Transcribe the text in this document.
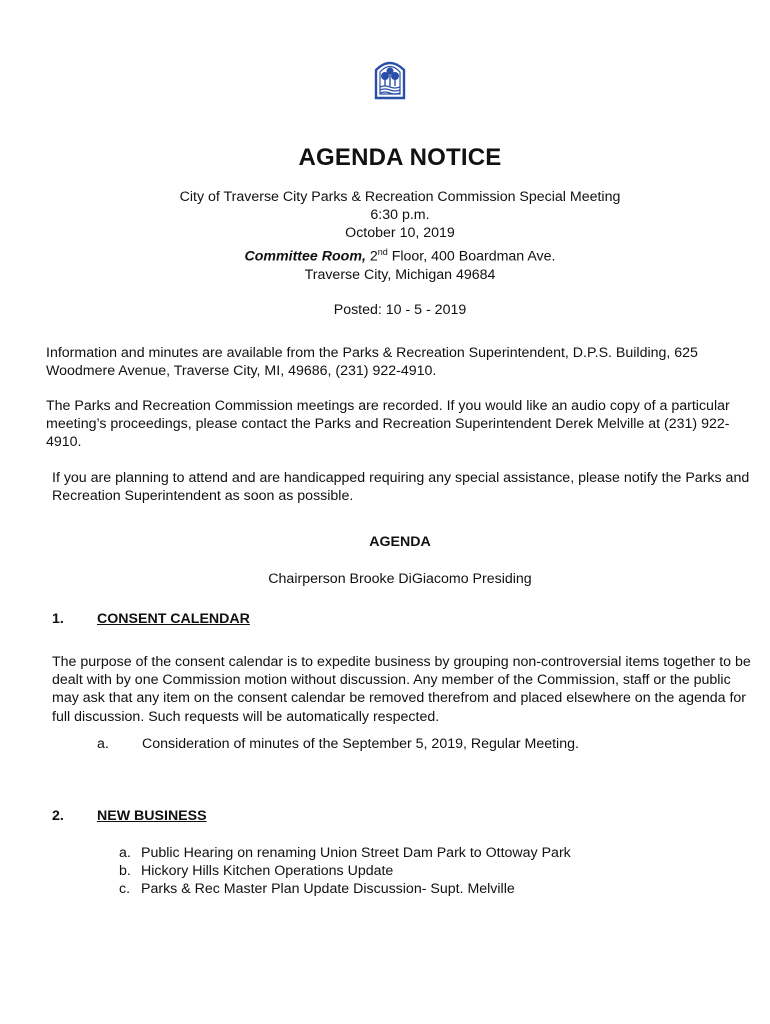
AGENDA NOTICE
City of Traverse City Parks & Recreation Commission Special Meeting
6:30 p.m.
October 10, 2019
Committee Room, 2nd Floor, 400 Boardman Ave.
Traverse City, Michigan 49684
Posted: 10 - 5 - 2019

Information and minutes are available from the Parks & Recreation Superintendent, D.P.S. Building, 625 Woodmere Avenue, Traverse City, MI, 49686, (231) 922-4910.

The Parks and Recreation Commission meetings are recorded. If you would like an audio copy of a particular meeting’s proceedings, please contact the Parks and Recreation Superintendent Derek Melville at (231) 922-4910.

If you are planning to attend and are handicapped requiring any special assistance, please notify the Parks and Recreation Superintendent as soon as possible.

AGENDA
Chairperson Brooke DiGiacomo Presiding
1. CONSENT CALENDAR

The purpose of the consent calendar is to expedite business by grouping non-controversial items together to be dealt with by one Commission motion without discussion. Any member of the Commission, staff or the public may ask that any item on the consent calendar be removed therefrom and placed elsewhere on the agenda for full discussion. Such requests will be automatically respected.

a. Consideration of minutes of the September 5, 2019, Regular Meeting.
2. NEW BUSINESS
a. Public Hearing on renaming Union Street Dam Park to Ottoway Park
b. Hickory Hills Kitchen Operations Update
c. Parks & Rec Master Plan Update Discussion- Supt. Melville
